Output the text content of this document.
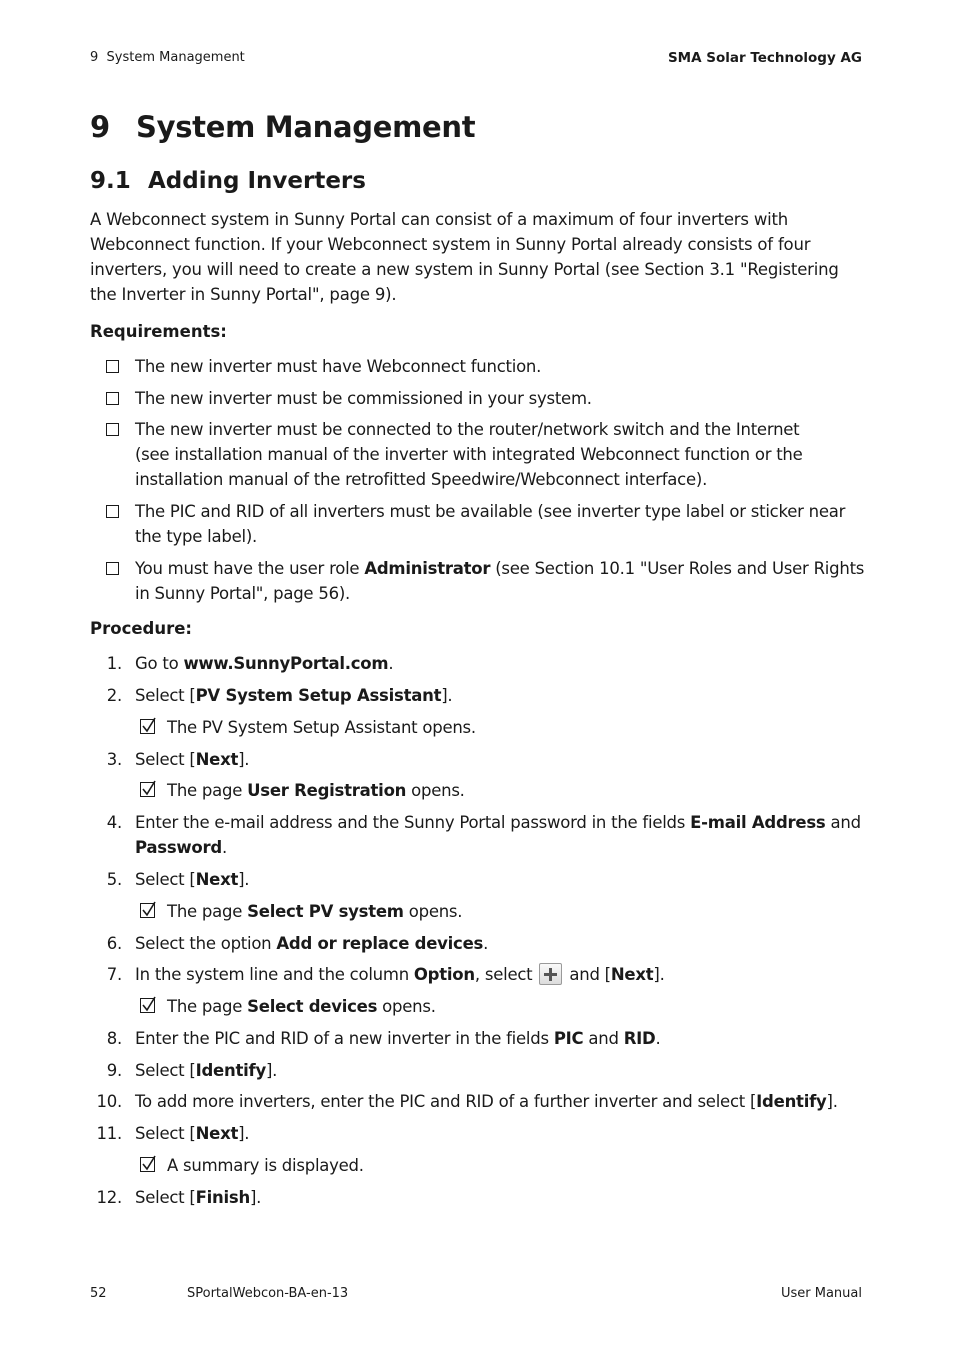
9  System Management	SMA Solar Technology AG
9 System Management
9.1 Adding Inverters

A Webconnect system in Sunny Portal can consist of a maximum of four inverters with Webconnect function. If your Webconnect system in Sunny Portal already consists of four inverters, you will need to create a new system in Sunny Portal (see Section 3.1 "Registering the Inverter in Sunny Portal", page 9).

Requirements:
The new inverter must have Webconnect function.
The new inverter must be commissioned in your system.
The new inverter must be connected to the router/network switch and the Internet
(see installation manual of the inverter with integrated Webconnect function or the installation manual of the retrofitted Speedwire/Webconnect interface).
The PIC and RID of all inverters must be available (see inverter type label or sticker near the type label).
You must have the user role Administrator (see Section 10.1 "User Roles and User Rights in Sunny Portal", page 56).
Procedure:
1. Go to www.SunnyPortal.com.
2. Select [PV System Setup Assistant].
The PV System Setup Assistant opens.
3. Select [Next].
The page User Registration opens.
4. Enter the e-mail address and the Sunny Portal password in the fields E-mail Address and Password.
5. Select [Next].
The page Select PV system opens.
6. Select the option Add or replace devices.
7. In the system line and the column Option, select  and [Next].
The page Select devices opens.
8. Enter the PIC and RID of a new inverter in the fields PIC and RID.
9. Select [Identify].
10. To add more inverters, enter the PIC and RID of a further inverter and select [Identify].
11. Select [Next].
A summary is displayed.
12. Select [Finish].
52	SPortalWebcon-BA-en-13	User Manual
